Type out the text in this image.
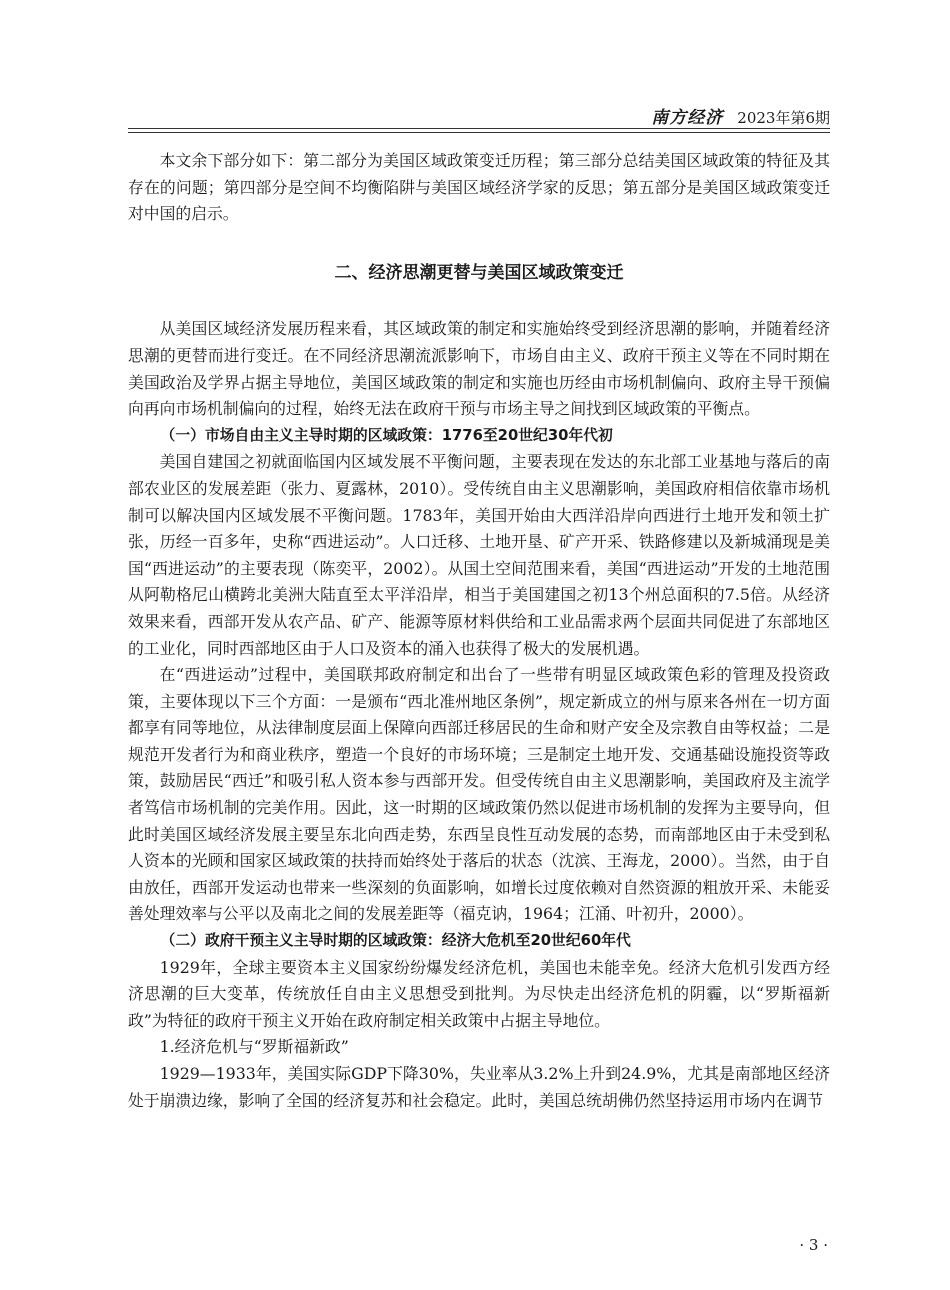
南方经济 2023年第6期

本文余下部分如下：第二部分为美国区域政策变迁历程；第三部分总结美国区域政策的特征及其存在的问题；第四部分是空间不均衡陷阱与美国区域经济学家的反思；第五部分是美国区域政策变迁对中国的启示。

二、经济思潮更替与美国区域政策变迁

从美国区域经济发展历程来看，其区域政策的制定和实施始终受到经济思潮的影响，并随着经济思潮的更替而进行变迁。在不同经济思潮流派影响下，市场自由主义、政府干预主义等在不同时期在美国政治及学界占据主导地位，美国区域政策的制定和实施也历经由市场机制偏向、政府主导干预偏向再向市场机制偏向的过程，始终无法在政府干预与市场主导之间找到区域政策的平衡点。

（一）市场自由主义主导时期的区域政策：1776至20世纪30年代初

美国自建国之初就面临国内区域发展不平衡问题，主要表现在发达的东北部工业基地与落后的南部农业区的发展差距（张力、夏露林，2010）。受传统自由主义思潮影响，美国政府相信依靠市场机制可以解决国内区域发展不平衡问题。1783年，美国开始由大西洋沿岸向西进行土地开发和领土扩张，历经一百多年，史称“西进运动”。人口迁移、土地开垦、矿产开采、铁路修建以及新城涌现是美国“西进运动”的主要表现（陈奕平，2002）。从国土空间范围来看，美国“西进运动”开发的土地范围从阿勒格尼山横跨北美洲大陆直至太平洋沿岸，相当于美国建国之初13个州总面积的7.5倍。从经济效果来看，西部开发从农产品、矿产、能源等原材料供给和工业品需求两个层面共同促进了东部地区的工业化，同时西部地区由于人口及资本的涌入也获得了极大的发展机遇。

在“西进运动”过程中，美国联邦政府制定和出台了一些带有明显区域政策色彩的管理及投资政策，主要体现以下三个方面：一是颁布“西北准州地区条例”，规定新成立的州与原来各州在一切方面都享有同等地位，从法律制度层面上保障向西部迁移居民的生命和财产安全及宗教自由等权益；二是规范开发者行为和商业秩序，塑造一个良好的市场环境；三是制定土地开发、交通基础设施投资等政策，鼓励居民“西迁”和吸引私人资本参与西部开发。但受传统自由主义思潮影响，美国政府及主流学者笃信市场机制的完美作用。因此，这一时期的区域政策仍然以促进市场机制的发挥为主要导向，但此时美国区域经济发展主要呈东北向西走势，东西呈良性互动发展的态势，而南部地区由于未受到私人资本的光顾和国家区域政策的扶持而始终处于落后的状态（沈滨、王海龙，2000）。当然，由于自由放任，西部开发运动也带来一些深刻的负面影响，如增长过度依赖对自然资源的粗放开采、未能妥善处理效率与公平以及南北之间的发展差距等（福克讷，1964；江涌、叶初升，2000）。

（二）政府干预主义主导时期的区域政策：经济大危机至20世纪60年代

1929年，全球主要资本主义国家纷纷爆发经济危机，美国也未能幸免。经济大危机引发西方经济思潮的巨大变革，传统放任自由主义思想受到批判。为尽快走出经济危机的阴霾，以“罗斯福新政”为特征的政府干预主义开始在政府制定相关政策中占据主导地位。

1.经济危机与“罗斯福新政”

1929—1933年，美国实际GDP下降30%，失业率从3.2%上升到24.9%，尤其是南部地区经济处于崩溃边缘，影响了全国的经济复苏和社会稳定。此时，美国总统胡佛仍然坚持运用市场内在调节

· 3 ·
